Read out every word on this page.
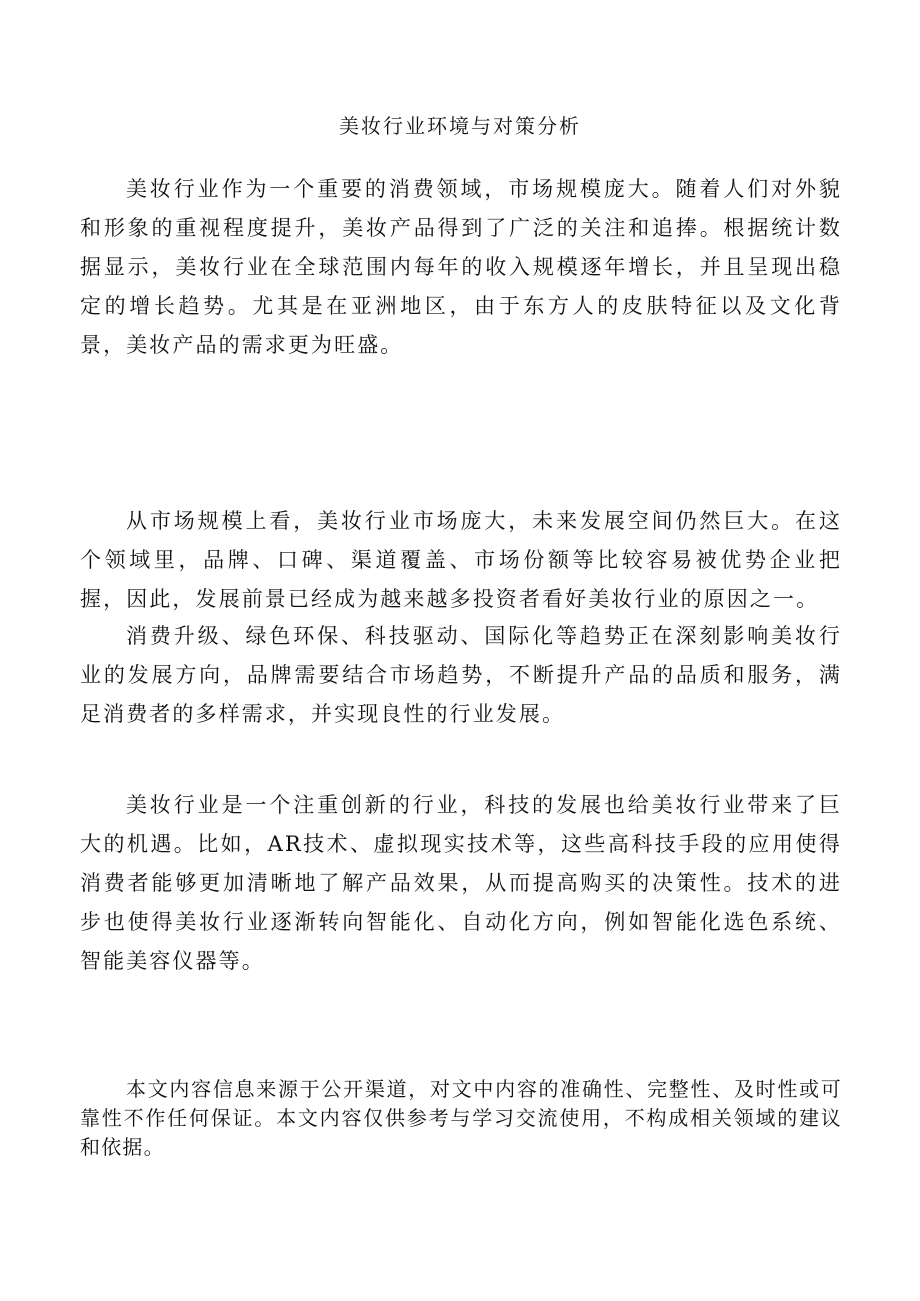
美妆行业环境与对策分析

美妆行业作为一个重要的消费领域，市场规模庞大。随着人们对外貌和形象的重视程度提升，美妆产品得到了广泛的关注和追捧。根据统计数据显示，美妆行业在全球范围内每年的收入规模逐年增长，并且呈现出稳定的增长趋势。尤其是在亚洲地区，由于东方人的皮肤特征以及文化背景，美妆产品的需求更为旺盛。

从市场规模上看，美妆行业市场庞大，未来发展空间仍然巨大。在这个领域里，品牌、口碑、渠道覆盖、市场份额等比较容易被优势企业把握，因此，发展前景已经成为越来越多投资者看好美妆行业的原因之一。

消费升级、绿色环保、科技驱动、国际化等趋势正在深刻影响美妆行业的发展方向，品牌需要结合市场趋势，不断提升产品的品质和服务，满足消费者的多样需求，并实现良性的行业发展。

美妆行业是一个注重创新的行业，科技的发展也给美妆行业带来了巨大的机遇。比如，AR技术、虚拟现实技术等，这些高科技手段的应用使得消费者能够更加清晰地了解产品效果，从而提高购买的决策性。技术的进步也使得美妆行业逐渐转向智能化、自动化方向，例如智能化选色系统、智能美容仪器等。

本文内容信息来源于公开渠道，对文中内容的准确性、完整性、及时性或可靠性不作任何保证。本文内容仅供参考与学习交流使用，不构成相关领域的建议和依据。
